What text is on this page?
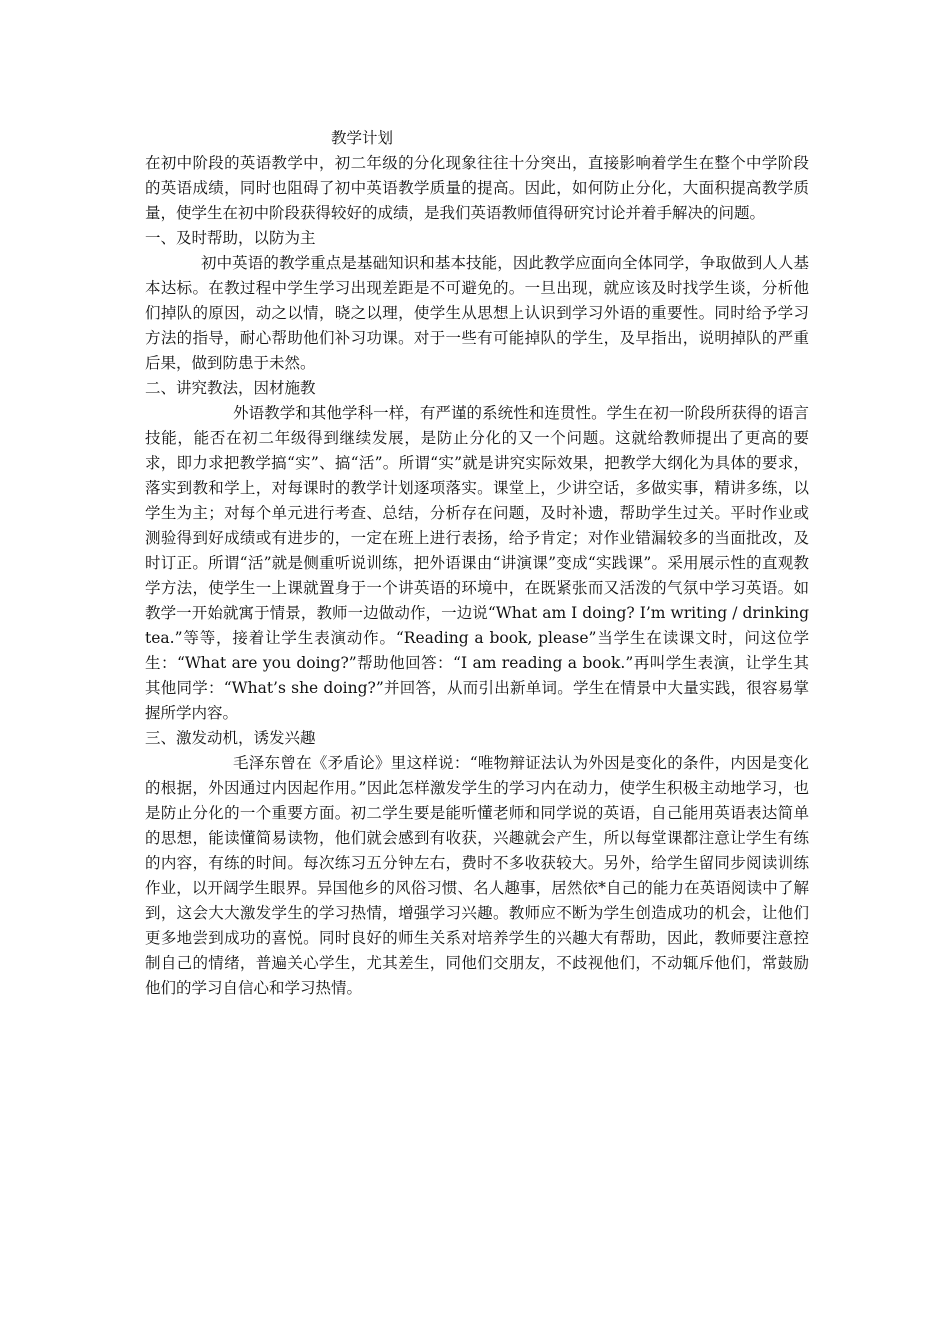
教学计划

在初中阶段的英语教学中，初二年级的分化现象往往十分突出，直接影响着学生在整个中学阶段的英语成绩，同时也阻碍了初中英语教学质量的提高。因此，如何防止分化，大面积提高教学质量，使学生在初中阶段获得较好的成绩，是我们英语教师值得研究讨论并着手解决的问题。

一、及时帮助，以防为主

初中英语的教学重点是基础知识和基本技能，因此教学应面向全体同学，争取做到人人基本达标。在教过程中学生学习出现差距是不可避免的。一旦出现，就应该及时找学生谈，分析他们掉队的原因，动之以情，晓之以理，使学生从思想上认识到学习外语的重要性。同时给予学习方法的指导，耐心帮助他们补习功课。对于一些有可能掉队的学生，及早指出，说明掉队的严重后果，做到防患于未然。

二、讲究教法，因材施教

外语教学和其他学科一样，有严谨的系统性和连贯性。学生在初一阶段所获得的语言技能，能否在初二年级得到继续发展，是防止分化的又一个问题。这就给教师提出了更高的要求，即力求把教学搞“实”、搞“活”。所谓“实”就是讲究实际效果，把教学大纲化为具体的要求，落实到教和学上，对每课时的教学计划逐项落实。课堂上，少讲空话，多做实事，精讲多练，以学生为主；对每个单元进行考查、总结，分析存在问题，及时补遗，帮助学生过关。平时作业或测验得到好成绩或有进步的，一定在班上进行表扬，给予肯定；对作业错漏较多的当面批改，及时订正。所谓“活”就是侧重听说训练，把外语课由“讲演课”变成“实践课”。采用展示性的直观教学方法，使学生一上课就置身于一个讲英语的环境中，在既紧张而又活泼的气氛中学习英语。如教学一开始就寓于情景，教师一边做动作，一边说“What am I doing? I’m writing / drinking tea.”等等，接着让学生表演动作。“Reading a book, please”当学生在读课文时，问这位学生：“What are you doing?”帮助他回答：“I am reading a book.”再叫学生表演，让学生其其他同学：“What’s she doing?”并回答，从而引出新单词。学生在情景中大量实践，很容易掌握所学内容。

三、激发动机，诱发兴趣

毛泽东曾在《矛盾论》里这样说：“唯物辩证法认为外因是变化的条件，内因是变化的根据，外因通过内因起作用。”因此怎样激发学生的学习内在动力，使学生积极主动地学习，也是防止分化的一个重要方面。初二学生要是能听懂老师和同学说的英语，自己能用英语表达简单的思想，能读懂简易读物，他们就会感到有收获，兴趣就会产生，所以每堂课都注意让学生有练的内容，有练的时间。每次练习五分钟左右，费时不多收获较大。另外，给学生留同步阅读训练作业，以开阔学生眼界。异国他乡的风俗习惯、名人趣事，居然依*自己的能力在英语阅读中了解到，这会大大激发学生的学习热情，增强学习兴趣。教师应不断为学生创造成功的机会，让他们更多地尝到成功的喜悦。同时良好的师生关系对培养学生的兴趣大有帮助，因此，教师要注意控制自己的情绪，普遍关心学生，尤其差生，同他们交朋友，不歧视他们，不动辄斥他们，常鼓励他们的学习自信心和学习热情。
